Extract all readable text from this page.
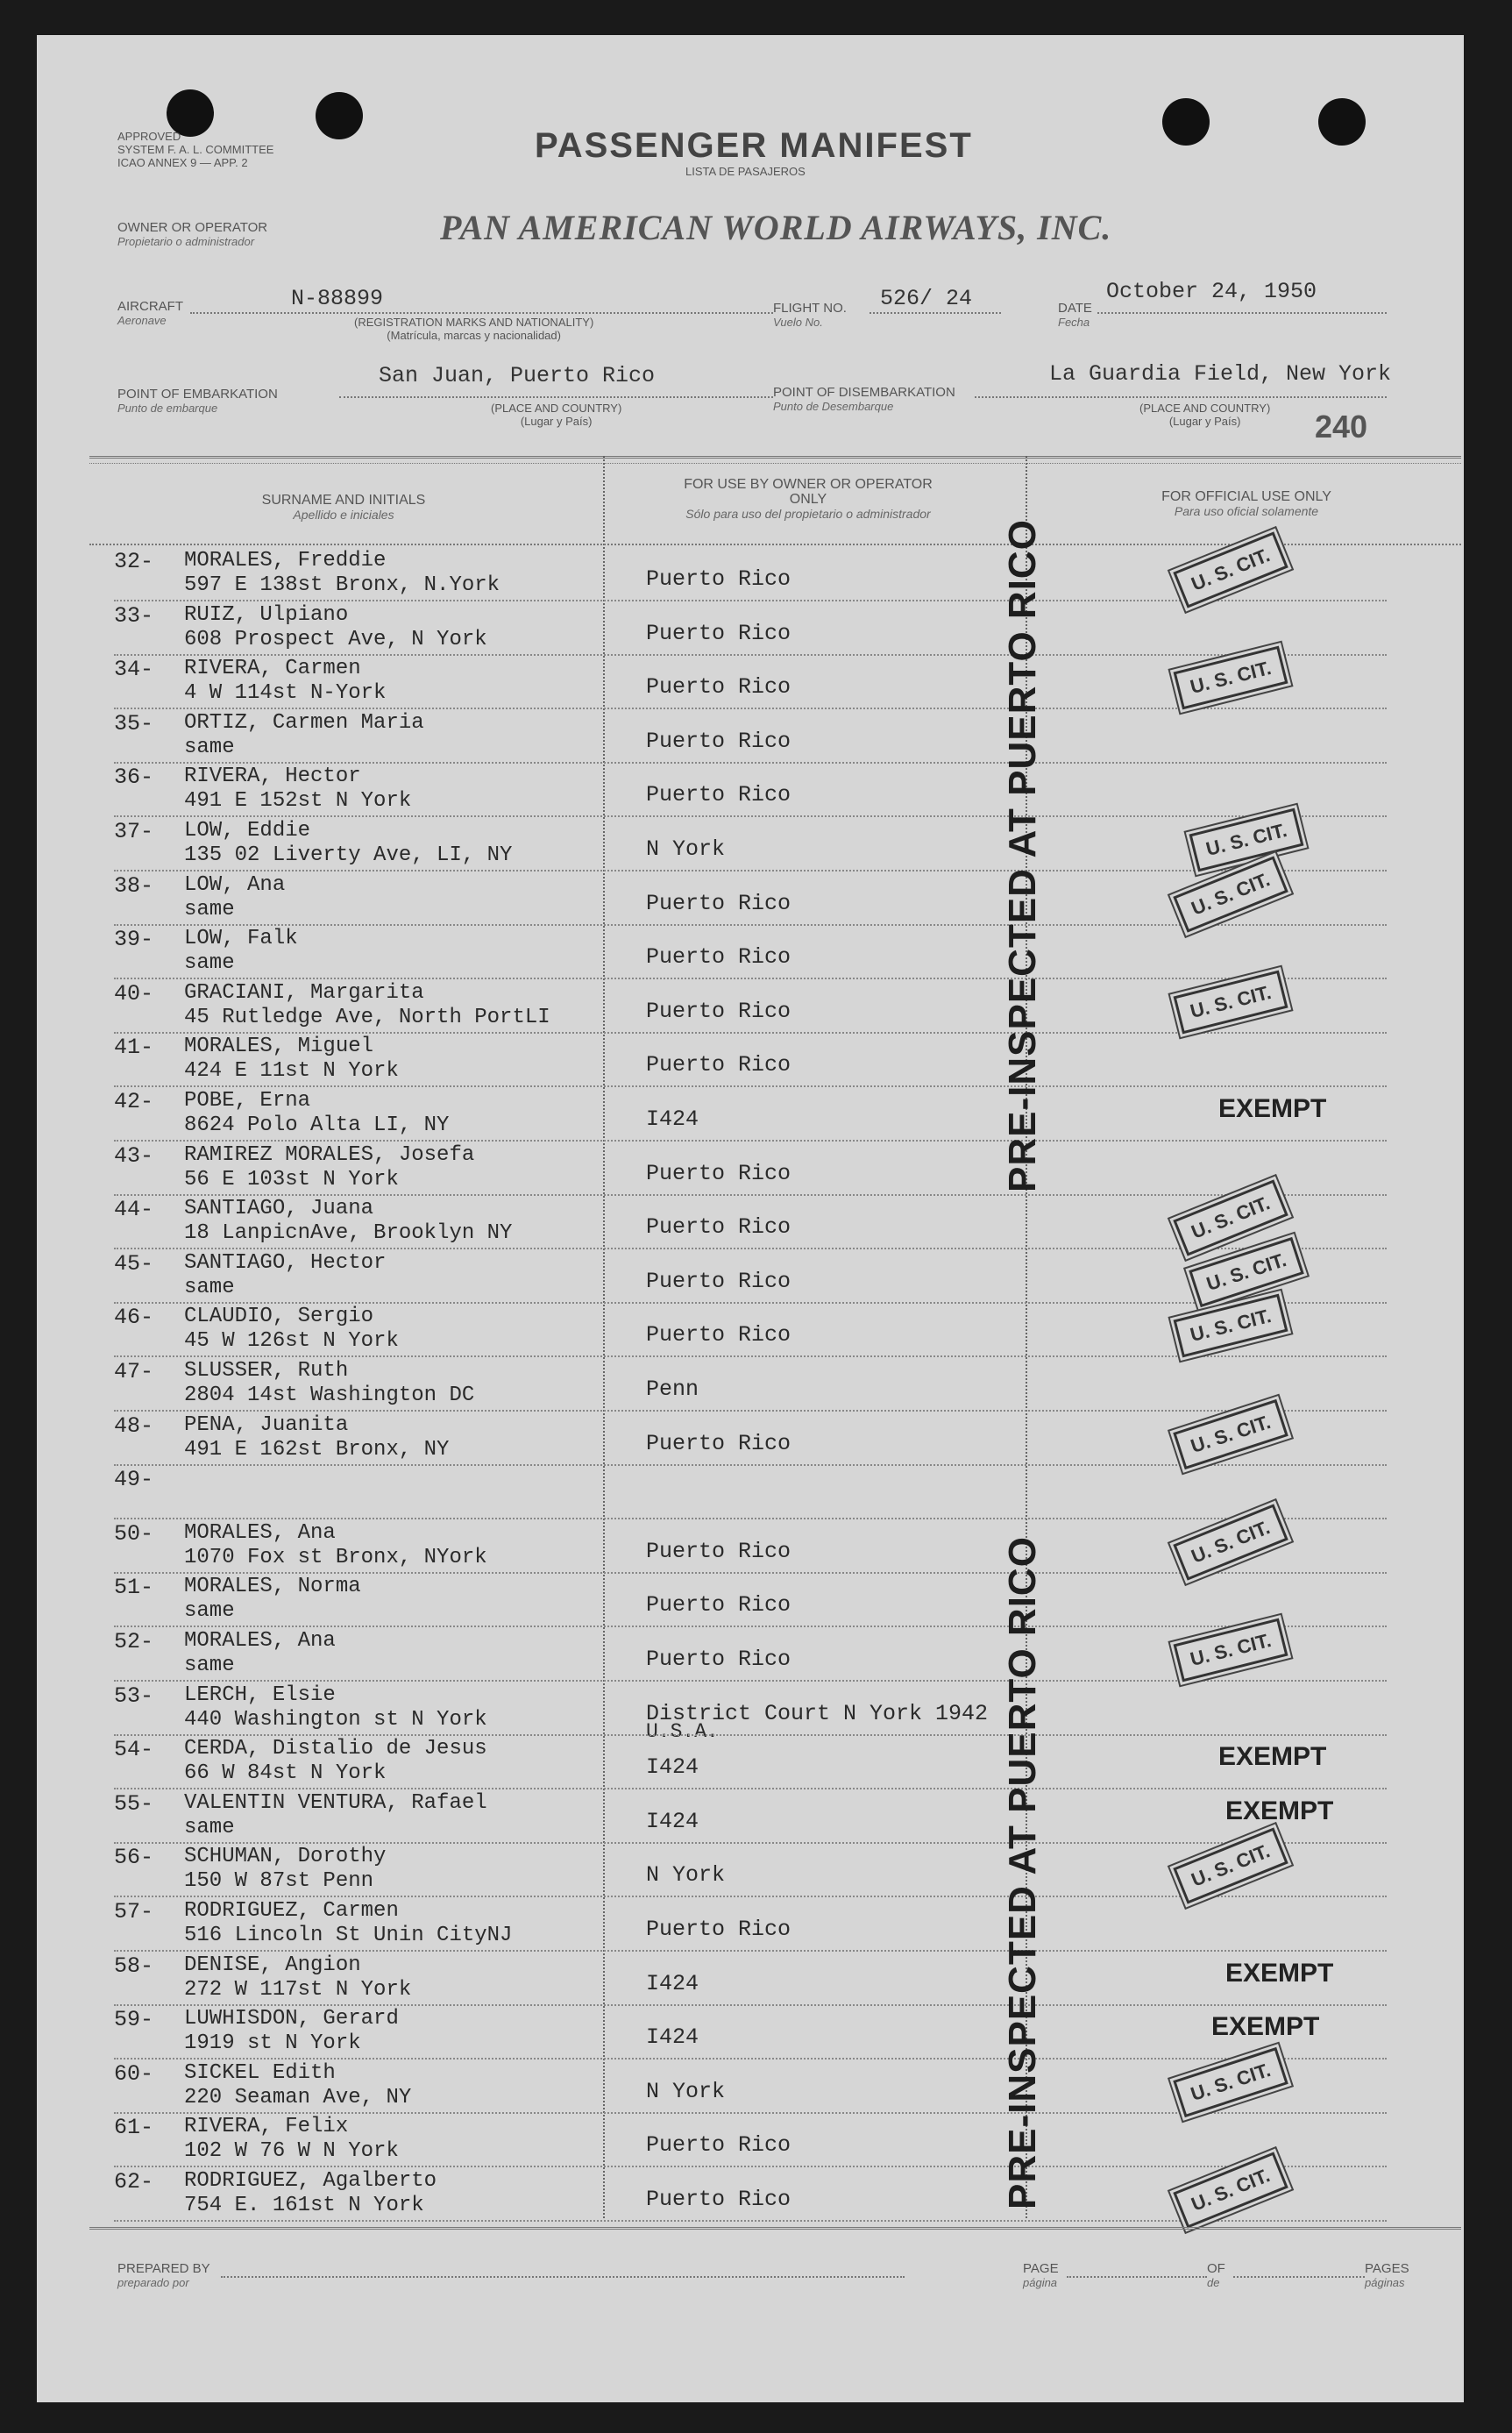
APPROVED
SYSTEM F. A. L. COMMITTEE
ICAO ANNEX 9 — APP. 2	PASSENGER MANIFEST
LISTA DE PASAJEROS
OWNER OR OPERATOR
Propietario o administrador	PAN AMERICAN WORLD AIRWAYS, INC.
AIRCRAFT
Aeronave
N-88899
(REGISTRATION MARKS AND NATIONALITY)
(Matrícula, marcas y nacionalidad)
FLIGHT NO.
Vuelo No.
526/ 24	DATE
Fecha
October 24, 1950
POINT OF EMBARKATION
Punto de embarque
San Juan, Puerto Rico
(PLACE AND COUNTRY)
(Lugar y País)
POINT OF DISEMBARKATION
Punto de Desembarque
La Guardia Field, New York
(PLACE AND COUNTRY)
(Lugar y País)	240
SURNAME AND INITIALS
Apellido e iniciales
FOR USE BY OWNER OR OPERATOR ONLY
Sólo para uso del propietario o administrador
FOR OFFICIAL USE ONLY
Para uso oficial solamente
32-	MORALES, Freddie
597 E 138st Bronx, N.York	Puerto Rico	U. S. CIT.
33-	RUIZ, Ulpiano
608 Prospect Ave, N York	Puerto Rico
34-	RIVERA, Carmen
4 W 114st N-York	Puerto Rico	U. S. CIT.
35-	ORTIZ, Carmen Maria
same	Puerto Rico
36-	RIVERA, Hector
491 E 152st N York	Puerto Rico
37-	LOW, Eddie
135 02 Liverty Ave, LI, NY	N York	U. S. CIT.
38-	LOW, Ana
same	Puerto Rico	U. S. CIT.
39-	LOW, Falk
same	Puerto Rico
40-	GRACIANI, Margarita
45 Rutledge Ave, North PortLI	Puerto Rico	U. S. CIT.
41-	MORALES, Miguel
424 E 11st N York	Puerto Rico
42-	POBE, Erna
8624 Polo Alta LI, NY	I424	EXEMPT
43-	RAMIREZ MORALES, Josefa
56 E 103st N York	Puerto Rico
44-	SANTIAGO, Juana
18 LanpicnAve, Brooklyn NY	Puerto Rico	U. S. CIT.
45-	SANTIAGO, Hector
same	Puerto Rico	U. S. CIT.
46-	CLAUDIO, Sergio
45 W 126st N York	Puerto Rico	U. S. CIT.
47-	SLUSSER, Ruth
2804 14st Washington DC	Penn
48-	PENA, Juanita
491 E 162st Bronx, NY	Puerto Rico	U. S. CIT.
49-
50-	MORALES, Ana
1070 Fox st Bronx, NYork	Puerto Rico	U. S. CIT.
51-	MORALES, Norma
same	Puerto Rico
52-	MORALES, Ana
same	Puerto Rico	U. S. CIT.
53-	LERCH, Elsie
440 Washington st N York	District Court N York 1942
U.S.A.
54-	CERDA, Distalio de Jesus
66 W 84st N York	I424	EXEMPT
55-	VALENTIN VENTURA, Rafael
same	I424	EXEMPT
56-	SCHUMAN, Dorothy
150 W 87st Penn	N York	U. S. CIT.
57-	RODRIGUEZ, Carmen
516 Lincoln St Unin CityNJ	Puerto Rico
58-	DENISE, Angion
272 W 117st N York	I424	EXEMPT
59-	LUWHISDON, Gerard
1919 st N York	I424	EXEMPT
60-	SICKEL Edith
220 Seaman Ave, NY	N York	U. S. CIT.
61-	RIVERA, Felix
102 W 76 W N York	Puerto Rico
62-	RODRIGUEZ, Agalberto
754 E. 161st N York	Puerto Rico	U. S. CIT.
PRE-INSPECTED AT PUERTO RICO
PRE-INSPECTED AT PUERTO RICO
PREPARED BY
preparado por
PAGE
página
OF
de
PAGES
páginas
